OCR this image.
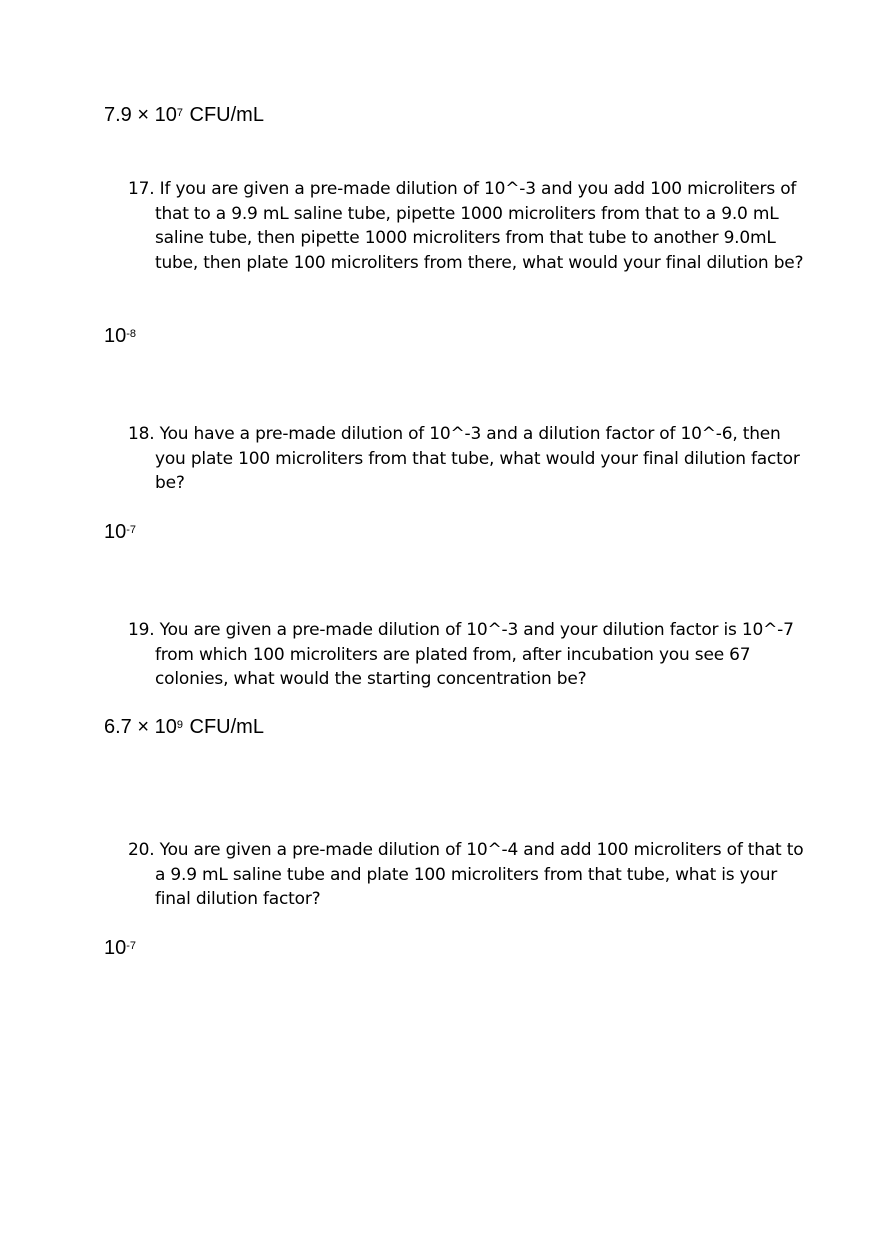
$7.9 \times 10^7$ CFU/mL
17. If you are given a pre-made dilution of 10^-3 and you add 100 microliters of that to a 9.9 mL saline tube, pipette 1000 microliters from that to a 9.0 mL saline tube, then pipette 1000 microliters from that tube to another 9.0mL tube, then plate 100 microliters from there, what would your final dilution be?
$10^{-8}$
18. You have a pre-made dilution of 10^-3 and a dilution factor of 10^-6, then you plate 100 microliters from that tube, what would your final dilution factor be?
$10^{-7}$
19. You are given a pre-made dilution of 10^-3 and your dilution factor is 10^-7 from which 100 microliters are plated from, after incubation you see 67 colonies, what would the starting concentration be?
$6.7 \times 10^9$ CFU/mL
20. You are given a pre-made dilution of 10^-4 and add 100 microliters of that to a 9.9 mL saline tube and plate 100 microliters from that tube, what is your final dilution factor?
$10^{-7}$
